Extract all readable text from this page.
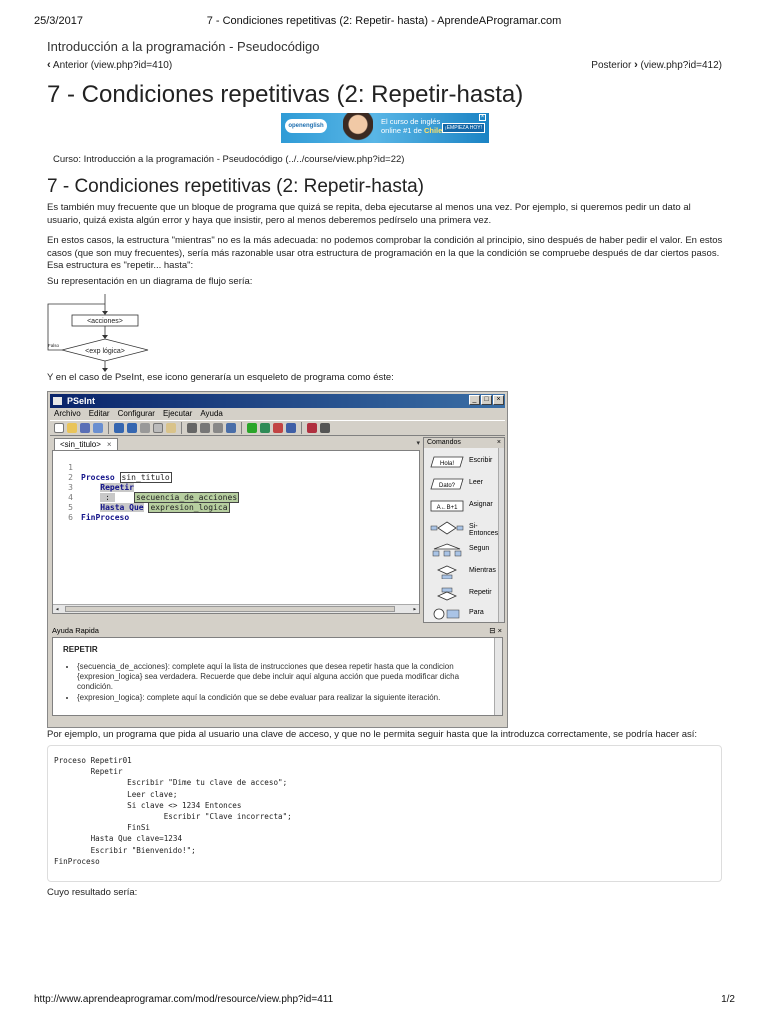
25/3/2017	7 - Condiciones repetitivas (2: Repetir- hasta) - AprendeAProgramar.com
Introducción a la programación - Pseudocódigo
‹ Anterior (view.php?id=410)	Posterior › (view.php?id=412)
7 - Condiciones repetitivas (2: Repetir-hasta)
openenglish	El curso de inglés
online #1 de Chile ¡EMPIEZA HOY!
×
Curso: Introducción a la programación - Pseudocódigo (../../course/view.php?id=22)
7 - Condiciones repetitivas (2: Repetir-hasta)

Es también muy frecuente que un bloque de programa que quizá se repita, deba ejecutarse al menos una vez. Por ejemplo, si queremos pedir un dato al usuario, quizá exista algún error y haya que insistir, pero al menos deberemos pedírselo una primera vez.

En estos casos, la estructura "mientras" no es la más adecuada: no podemos comprobar la condición al principio, sino después de haber pedir el valor. En estos casos (que son muy frecuentes), sería más razonable usar otra estructura de programación en la que la condición se compruebe después de dar ciertos pasos. Esa estructura es "repetir... hasta":

Su representación en un diagrama de flujo sería:

<acciones>
<exp lógica>
Falso

Y en el caso de PseInt, ese icono generaría un esqueleto de programa como éste:

PSeInt	_	□	×
Archivo Editar Configurar Ejecutar Ayuda
<sin_titulo> ×	▾

1

Proceso sin_titulo

2

Repetir

3

:	secuencia_de_acciones

4

Hasta Que expresion_logica

5

FinProceso

6

◂	▸
Comandos	×
Hola! Escribir
Dato? Leer
A←B+1 Asignar
Si-Entonces
Segun
Mientras
Repetir
Para
Ayuda Rapida	⊟ ×
REPETIR
• {secuencia_de_acciones}: complete aquí la lista de instrucciones que desea repetir hasta que la condicion {expresion_logica} sea verdadera. Recuerde que debe incluir aquí alguna acción que pueda modificar dicha condición.
• {expresion_logica}: complete aquí la condición que se debe evaluar para realizar la siguiente iteración.

Por ejemplo, un programa que pida al usuario una clave de acceso, y que no le permita seguir hasta que la introduzca correctamente, se podría hacer así:

Proceso Repetir01
Repetir
Escribir "Dime tu clave de acceso";
Leer clave;
Si clave <> 1234 Entonces
Escribir "Clave incorrecta";
FinSi
Hasta Que clave=1234
Escribir "Bienvenido!";
FinProceso

Cuyo resultado sería:

http://www.aprendeaprogramar.com/mod/resource/view.php?id=411	1/2
